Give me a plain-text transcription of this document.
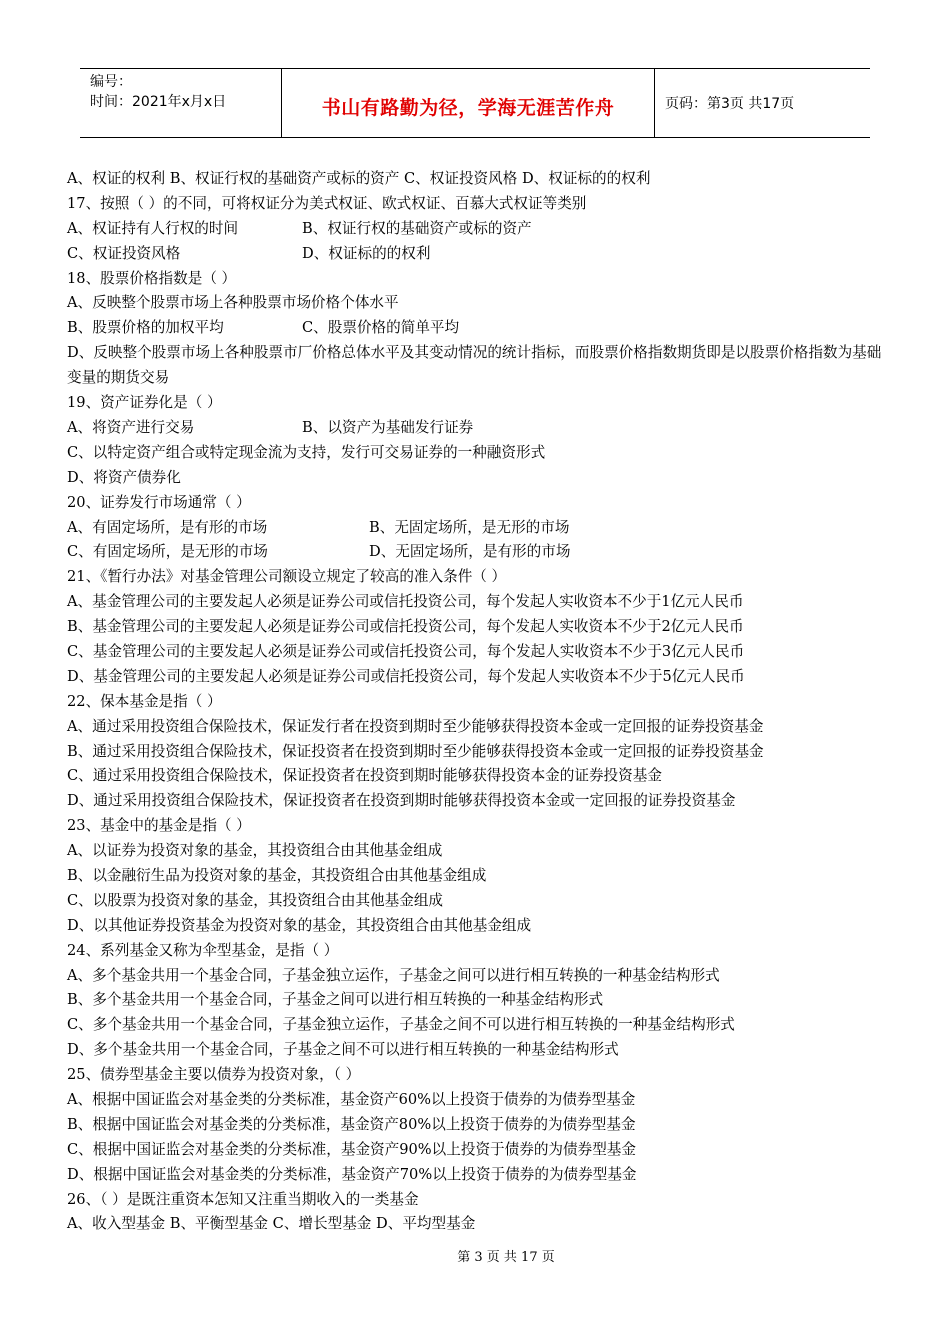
编号：
时间：2021年x月x日	书山有路勤为径，学海无涯苦作舟	页码：第3页 共17页
A、权证的权利 B、权证行权的基础资产或标的资产 C、权证投资风格 D、权证标的的权利
17、按照（ ）的不同，可将权证分为美式权证、欧式权证、百慕大式权证等类别
A、权证持有人行权的时间	B、权证行权的基础资产或标的资产
C、权证投资风格	D、权证标的的权利
18、股票价格指数是（ ）
A、反映整个股票市场上各种股票市场价格个体水平
B、股票价格的加权平均	C、股票价格的简单平均
D、反映整个股票市场上各种股票市厂价格总体水平及其变动情况的统计指标，而股票价格指数期货即是以股票价格指数为基础变量的期货交易
19、资产证券化是（ ）
A、将资产进行交易	B、以资产为基础发行证券
C、以特定资产组合或特定现金流为支持，发行可交易证券的一种融资形式
D、将资产债券化
20、证券发行市场通常（ ）
A、有固定场所，是有形的市场	B、无固定场所，是无形的市场
C、有固定场所，是无形的市场	D、无固定场所，是有形的市场
21、《暂行办法》对基金管理公司额设立规定了较高的准入条件（ ）
A、基金管理公司的主要发起人必须是证券公司或信托投资公司，每个发起人实收资本不少于1亿元人民币
B、基金管理公司的主要发起人必须是证券公司或信托投资公司，每个发起人实收资本不少于2亿元人民币
C、基金管理公司的主要发起人必须是证券公司或信托投资公司，每个发起人实收资本不少于3亿元人民币
D、基金管理公司的主要发起人必须是证券公司或信托投资公司，每个发起人实收资本不少于5亿元人民币
22、保本基金是指（ ）
A、通过采用投资组合保险技术，保证发行者在投资到期时至少能够获得投资本金或一定回报的证券投资基金
B、通过采用投资组合保险技术，保证投资者在投资到期时至少能够获得投资本金或一定回报的证券投资基金
C、通过采用投资组合保险技术，保证投资者在投资到期时能够获得投资本金的证券投资基金
D、通过采用投资组合保险技术，保证投资者在投资到期时能够获得投资本金或一定回报的证券投资基金
23、基金中的基金是指（ ）
A、以证券为投资对象的基金，其投资组合由其他基金组成
B、以金融衍生品为投资对象的基金，其投资组合由其他基金组成
C、以股票为投资对象的基金，其投资组合由其他基金组成
D、以其他证券投资基金为投资对象的基金，其投资组合由其他基金组成
24、系列基金又称为伞型基金，是指（ ）
A、多个基金共用一个基金合同，子基金独立运作，子基金之间可以进行相互转换的一种基金结构形式
B、多个基金共用一个基金合同，子基金之间可以进行相互转换的一种基金结构形式
C、多个基金共用一个基金合同，子基金独立运作，子基金之间不可以进行相互转换的一种基金结构形式
D、多个基金共用一个基金合同，子基金之间不可以进行相互转换的一种基金结构形式
25、债券型基金主要以债券为投资对象，（ ）
A、根据中国证监会对基金类的分类标准，基金资产60%以上投资于债券的为债券型基金
B、根据中国证监会对基金类的分类标准，基金资产80%以上投资于债券的为债券型基金
C、根据中国证监会对基金类的分类标准，基金资产90%以上投资于债券的为债券型基金
D、根据中国证监会对基金类的分类标准，基金资产70%以上投资于债券的为债券型基金
26、（ ）是既注重资本怎知又注重当期收入的一类基金
A、收入型基金 B、平衡型基金 C、增长型基金 D、平均型基金
第 3 页 共 17 页
